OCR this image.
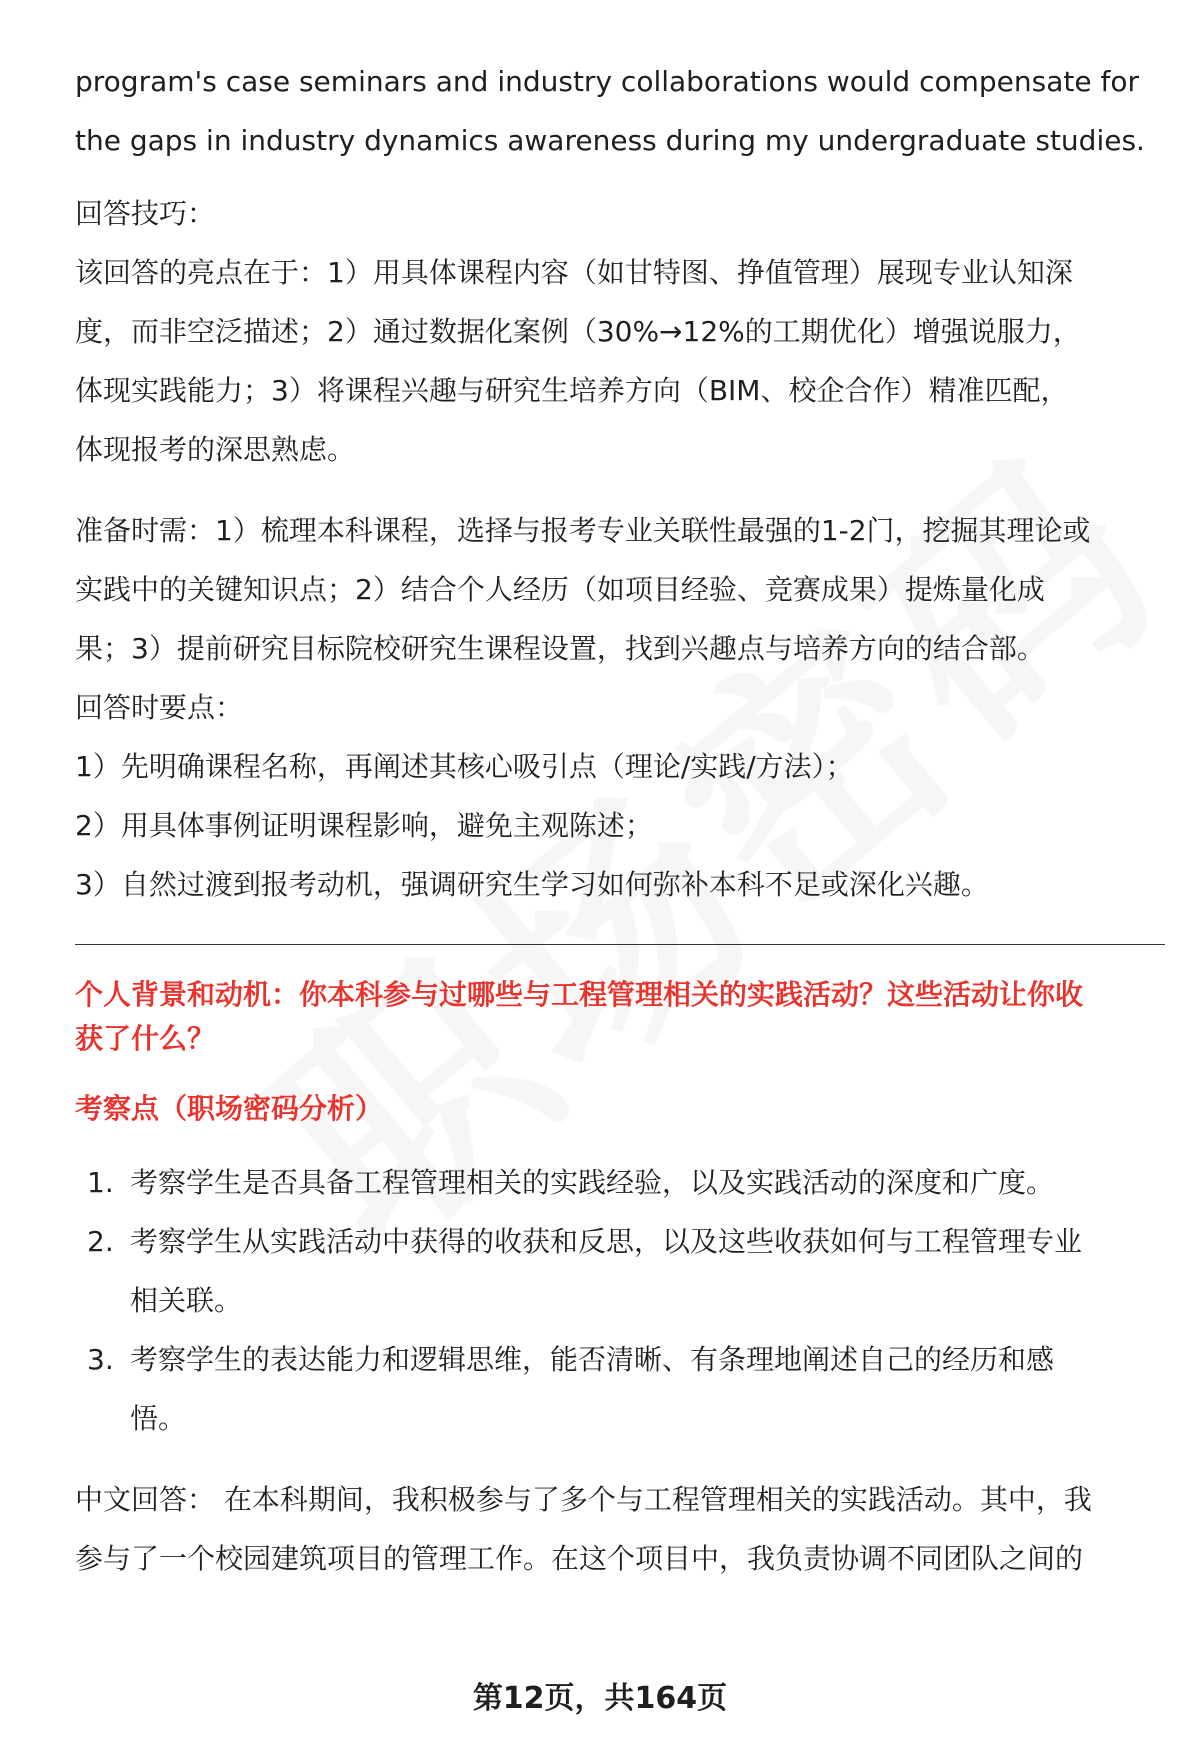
program's case seminars and industry collaborations would compensate for

the gaps in industry dynamics awareness during my undergraduate studies.

回答技巧：

该回答的亮点在于：1）用具体课程内容（如甘特图、挣值管理）展现专业认知深

度，而非空泛描述；2）通过数据化案例（30%→12%的工期优化）增强说服力，

体现实践能力；3）将课程兴趣与研究生培养方向（BIM、校企合作）精准匹配，

体现报考的深思熟虑。

准备时需：1）梳理本科课程，选择与报考专业关联性最强的1-2门，挖掘其理论或

实践中的关键知识点；2）结合个人经历（如项目经验、竞赛成果）提炼量化成

果；3）提前研究目标院校研究生课程设置，找到兴趣点与培养方向的结合部。

回答时要点：

1）先明确课程名称，再阐述其核心吸引点（理论/实践/方法）；

2）用具体事例证明课程影响，避免主观陈述；

3）自然过渡到报考动机，强调研究生学习如何弥补本科不足或深化兴趣。

个人背景和动机：你本科参与过哪些与工程管理相关的实践活动？这些活动让你收

获了什么？

考察点（职场密码分析）

1. 考察学生是否具备工程管理相关的实践经验，以及实践活动的深度和广度。
2. 考察学生从实践活动中获得的收获和反思，以及这些收获如何与工程管理专业
相关联。
3. 考察学生的表达能力和逻辑思维，能否清晰、有条理地阐述自己的经历和感
悟。

中文回答： 在本科期间，我积极参与了多个与工程管理相关的实践活动。其中，我

参与了一个校园建筑项目的管理工作。在这个项目中，我负责协调不同团队之间的

第12页，共164页
